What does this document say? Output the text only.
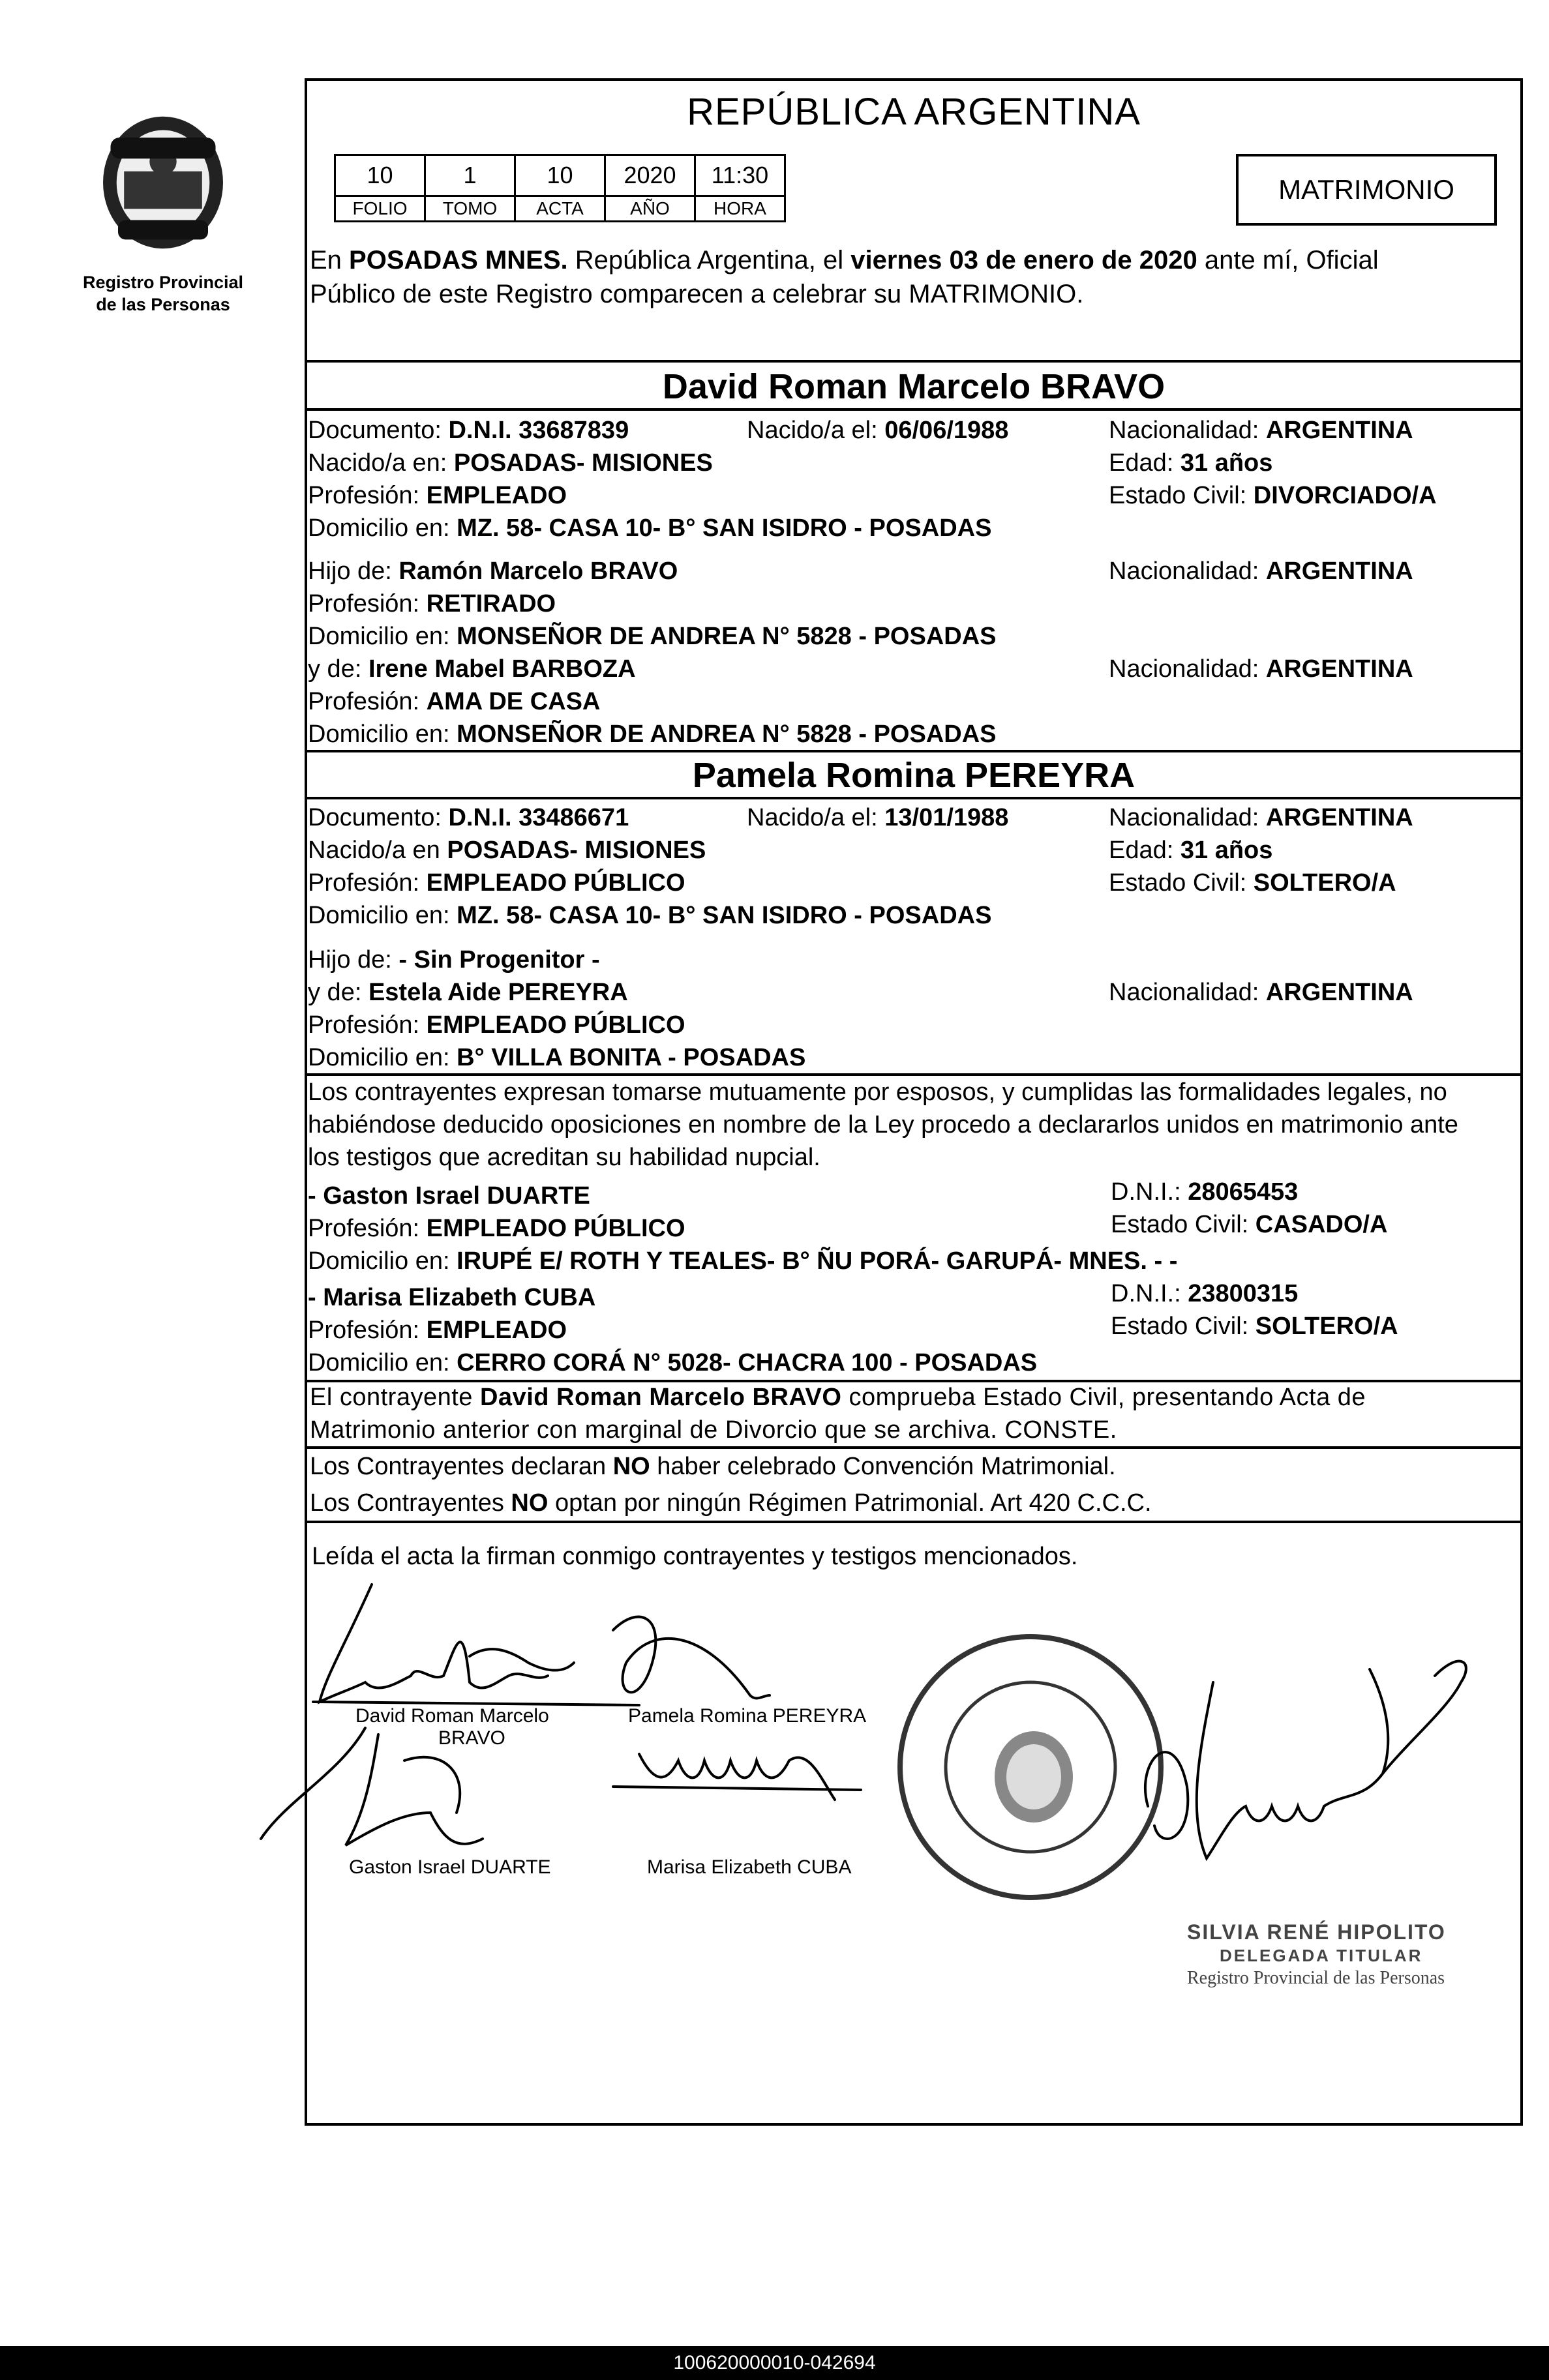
Registro Provincial
de las Personas
REPÚBLICA ARGENTINA
10	1	10	2020	11:30
FOLIO	TOMO	ACTA	AÑO	HORA
MATRIMONIO
En POSADAS MNES. República Argentina, el viernes 03 de enero de 2020 ante mí, Oficial
Público de este Registro comparecen a celebrar su MATRIMONIO.
David Roman Marcelo BRAVO
Documento: D.N.I. 33687839	Nacido/a el: 06/06/1988	Nacionalidad: ARGENTINA
Nacido/a en: POSADAS- MISIONES	Edad: 31 años
Profesión: EMPLEADO	Estado Civil: DIVORCIADO/A
Domicilio en: MZ. 58- CASA 10- B° SAN ISIDRO - POSADAS
Hijo de: Ramón Marcelo BRAVO	Nacionalidad: ARGENTINA
Profesión: RETIRADO
Domicilio en: MONSEÑOR DE ANDREA N° 5828 - POSADAS
y de: Irene Mabel BARBOZA	Nacionalidad: ARGENTINA
Profesión: AMA DE CASA
Domicilio en: MONSEÑOR DE ANDREA N° 5828 - POSADAS
Pamela Romina PEREYRA
Documento: D.N.I. 33486671	Nacido/a el: 13/01/1988	Nacionalidad: ARGENTINA
Nacido/a en POSADAS- MISIONES	Edad: 31 años
Profesión: EMPLEADO PÚBLICO	Estado Civil: SOLTERO/A
Domicilio en: MZ. 58- CASA 10- B° SAN ISIDRO - POSADAS
Hijo de: - Sin Progenitor -
y de: Estela Aide PEREYRA	Nacionalidad: ARGENTINA
Profesión: EMPLEADO PÚBLICO
Domicilio en: B° VILLA BONITA - POSADAS
Los contrayentes expresan tomarse mutuamente por esposos, y cumplidas las formalidades legales, no
habiéndose deducido oposiciones en nombre de la Ley procedo a declararlos unidos en matrimonio ante
los testigos que acreditan su habilidad nupcial.
- Gaston Israel DUARTE	D.N.I.: 28065453
Profesión: EMPLEADO PÚBLICO	Estado Civil: CASADO/A
Domicilio en: IRUPÉ E/ ROTH Y TEALES- B° ÑU PORÁ- GARUPÁ- MNES. - -
- Marisa Elizabeth CUBA	D.N.I.: 23800315
Profesión: EMPLEADO	Estado Civil: SOLTERO/A
Domicilio en: CERRO CORÁ N° 5028- CHACRA 100 - POSADAS
El contrayente David Roman Marcelo BRAVO comprueba Estado Civil, presentando Acta de
Matrimonio anterior con marginal de Divorcio que se archiva. CONSTE.
Los Contrayentes declaran NO haber celebrado Convención Matrimonial.
Los Contrayentes NO optan por ningún Régimen Patrimonial. Art 420 C.C.C.
Leída el acta la firman conmigo contrayentes y testigos mencionados.
David Roman Marcelo
BRAVO
Pamela Romina PEREYRA
Gaston Israel DUARTE	Marisa Elizabeth CUBA
SILVIA RENÉ HIPOLITO
DELEGADA TITULAR
Registro Provincial de las Personas
100620000010-042694
